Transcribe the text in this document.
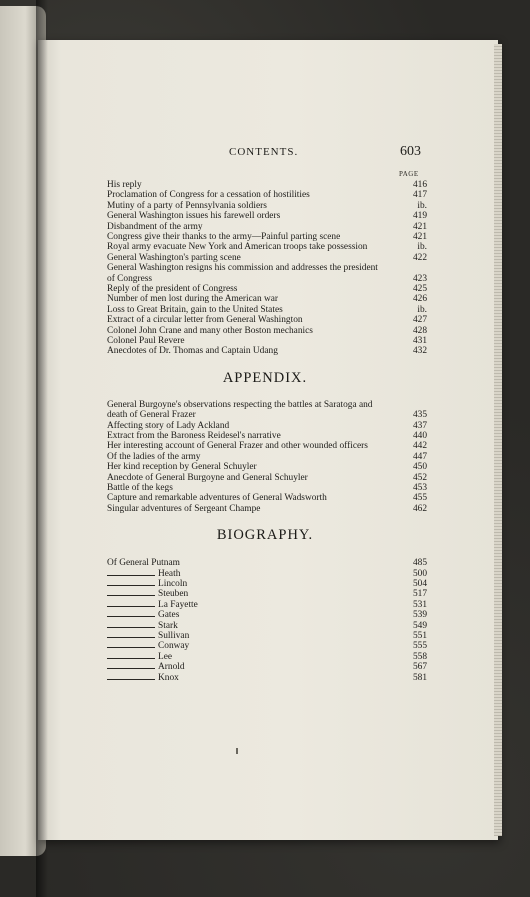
CONTENTS.	603
PAGE
His reply	416
Proclamation of Congress for a cessation of hostilities	417
Mutiny of a party of Pennsylvania soldiers	ib.
General Washington issues his farewell orders	419
Disbandment of the army	421
Congress give their thanks to the army—Painful parting scene	421
Royal army evacuate New York and American troops take possession	ib.
General Washington's parting scene	422
General Washington resigns his commission and addresses the president of Congress	423
Reply of the president of Congress	425
Number of men lost during the American war	426
Loss to Great Britain, gain to the United States	ib.
Extract of a circular letter from General Washington	427
Colonel John Crane and many other Boston mechanics	428
Colonel Paul Revere	431
Anecdotes of Dr. Thomas and Captain Udang	432
APPENDIX.
General Burgoyne's observations respecting the battles at Saratoga and death of General Frazer	435
Affecting story of Lady Ackland	437
Extract from the Baroness Reidesel's narrative	440
Her interesting account of General Frazer and other wounded officers	442
Of the ladies of the army	447
Her kind reception by General Schuyler	450
Anecdote of General Burgoyne and General Schuyler	452
Battle of the kegs	453
Capture and remarkable adventures of General Wadsworth	455
Singular adventures of Sergeant Champe	462
BIOGRAPHY.
Of General Putnam	485
Heath	500
Lincoln	504
Steuben	517
La Fayette	531
Gates	539
Stark	549
Sullivan	551
Conway	555
Lee	558
Arnold	567
Knox	581
